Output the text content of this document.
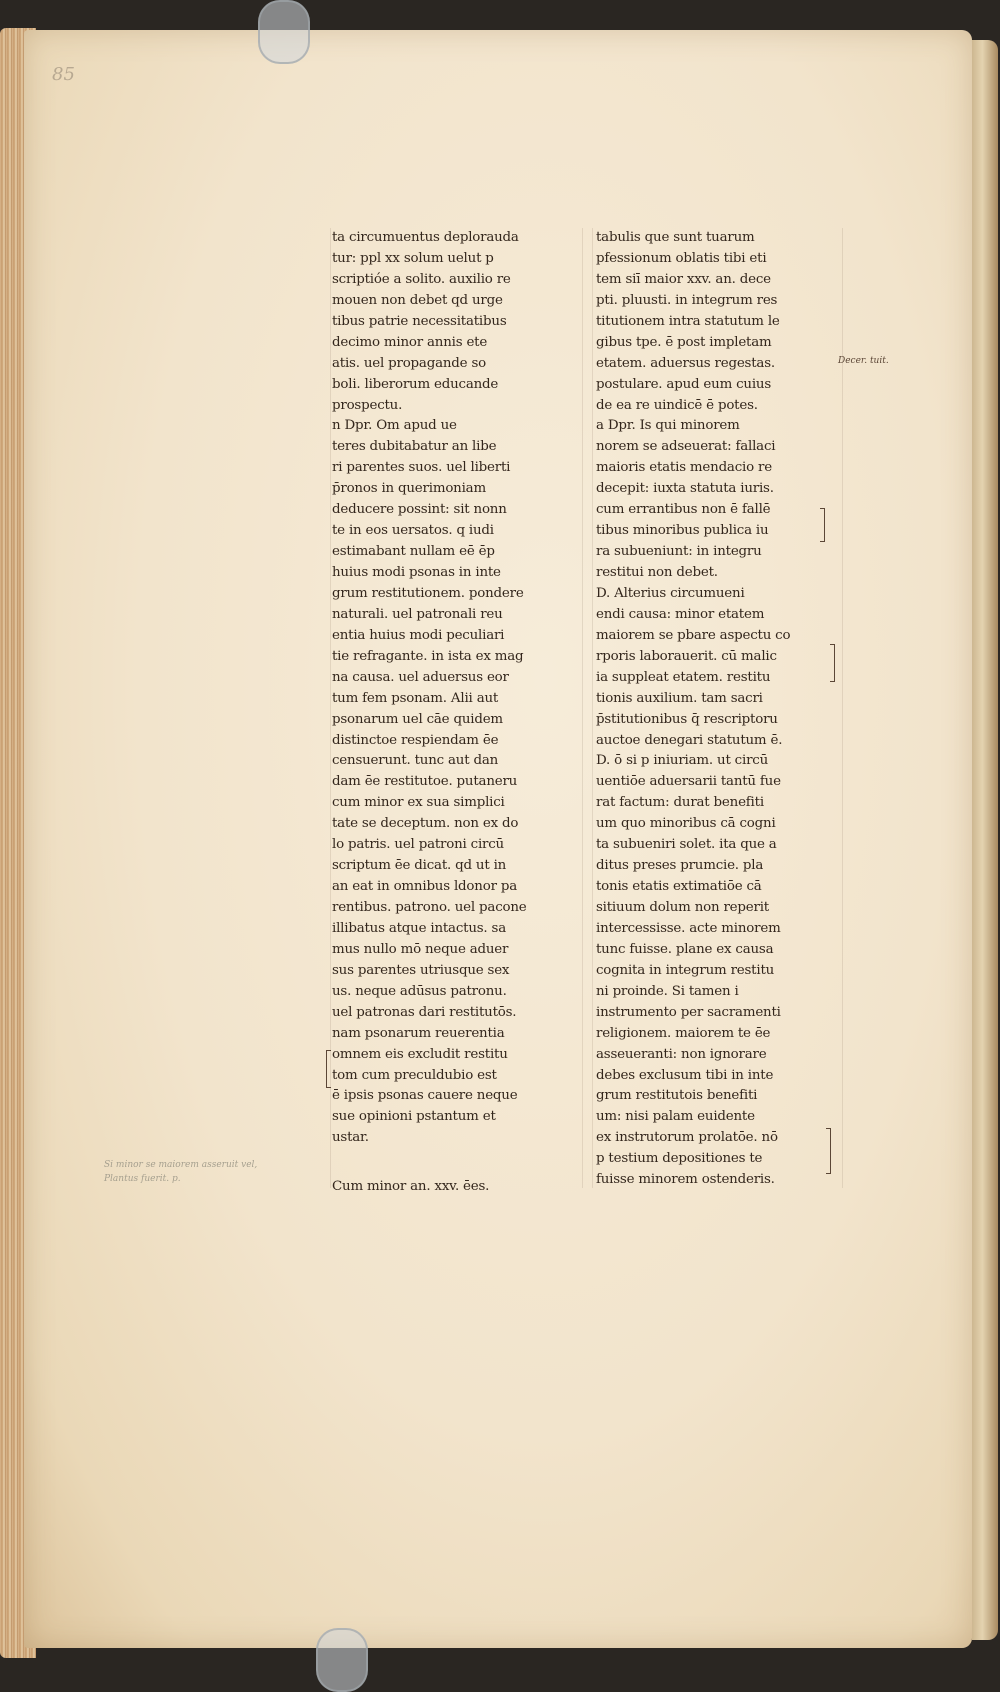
85
ta circumuentus deplorauda
tur: ppl xx solum uelut p
scriptióe a solito. auxilio re
mouen non debet qd urge
tibus patrie necessitatibus
decimo minor annis ete
atis. uel propagande so
boli. liberorum educande
prospectu.
n Dpr. Om apud ue
teres dubitabatur an libe
ri parentes suos. uel liberti
p̄ronos in querimoniam
deducere possint: sit nonn
te in eos uersatos. q iudi
estimabant nullam eē ēp
huius modi psonas in inte
grum restitutionem. pondere
naturali. uel patronali reu
entia huius modi peculiari
tie refragante. in ista ex mag
na causa. uel aduersus eor
tum fem psonam. Alii aut
psonarum uel cāe quidem
distinctoe respiendam ēe
censuerunt. tunc aut dan
dam ēe restitutoe. putaneru
cum minor ex sua simplici
tate se deceptum. non ex do
lo patris. uel patroni circū
scriptum ēe dicat. qd ut in
an eat in omnibus ldonor pa
rentibus. patrono. uel pacone
illibatus atque intactus. sa
mus nullo mō neque aduer
sus parentes utriusque sex
us. neque adūsus patronu.
uel patronas dari restitutōs.
nam psonarum reuerentia
omnem eis excludit restitu
tom cum preculdubio est
ē ipsis psonas cauere neque
sue opinioni pstantum et
ustar.
Cum minor an. xxv. ēes.
tabulis que sunt tuarum
pfessionum oblatis tibi eti
tem siī maior xxv. an. dece
pti. pluusti. in integrum res
titutionem intra statutum le
gibus tpe. ē post impletam
etatem. aduersus regestas.
postulare. apud eum cuius
de ea re uindicē ē potes.
a Dpr. Is qui minorem
norem se adseuerat: fallaci
maioris etatis mendacio re
decepit: iuxta statuta iuris.
cum errantibus non ē fallē
tibus minoribus publica iu
ra subueniunt: in integru
restitui non debet.
D. Alterius circumueni
endi causa: minor etatem
maiorem se pbare aspectu co
rporis laborauerit. cū malic
ia suppleat etatem. restitu
tionis auxilium. tam sacri
p̄stitutionibus q̄ rescriptoru
auctoe denegari statutum ē.
D. ō si p iniuriam. ut circū
uentiōe aduersarii tantū fue
rat factum: durat benefiti
um quo minoribus cā cogni
ta subueniri solet. ita que a
ditus preses prumcie. pla
tonis etatis extimatiōe cā
sitiuum dolum non reperit
intercessisse. acte minorem
tunc fuisse. plane ex causa
cognita in integrum restitu
ni proinde. Si tamen i
instrumento per sacramenti
religionem. maiorem te ēe
asseueranti: non ignorare
debes exclusum tibi in inte
grum restitutois benefiti
um: nisi palam euidente
ex instrutorum prolatōe. nō
p testium depositiones te
fuisse minorem ostenderis.
Si minor se maiorem asseruit vel, Plantus fuerit. p.
Decer. tuit.
